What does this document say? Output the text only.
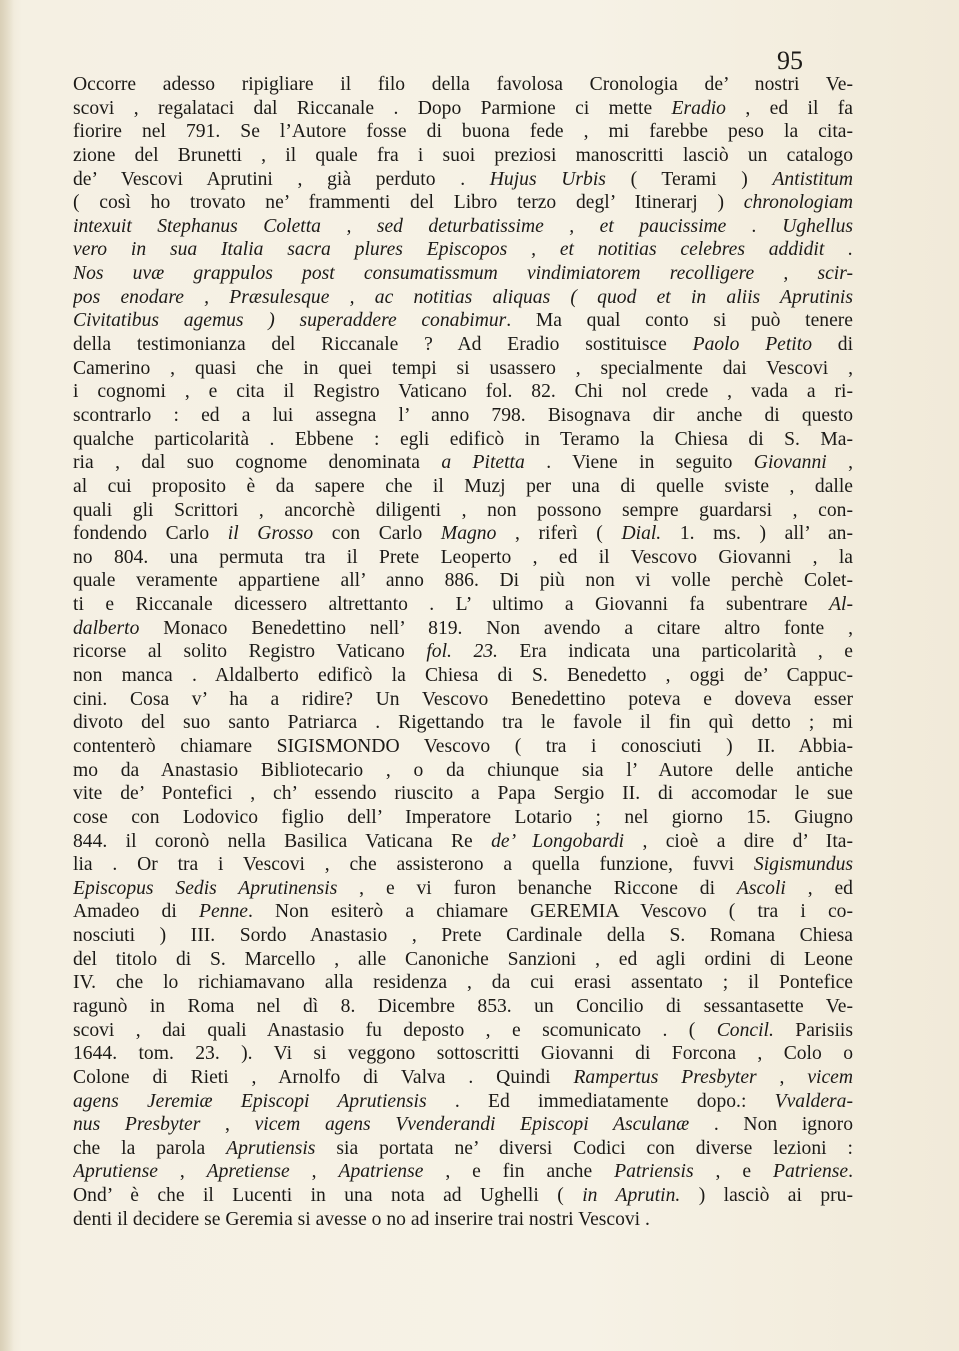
95
Occorre adesso ripigliare il filo della favolosa Cronologia de’ nostri Ve-
scovi , regalataci dal Riccanale . Dopo Parmione ci mette Eradio , ed il fa
fiorire nel 791. Se l’Autore fosse di buona fede , mi farebbe peso la cita-
zione del Brunetti , il quale fra i suoi preziosi manoscritti lasciò un catalogo
de’ Vescovi Aprutini , già perduto . Hujus Urbis ( Terami ) Antistitum
( così ho trovato ne’ frammenti del Libro terzo degl’ Itinerarj ) chronologiam
intexuit Stephanus Coletta , sed deturbatissime , et paucissime . Ughellus
vero in sua Italia sacra plures Episcopos , et notitias celebres addidit .
Nos uvæ grappulos post consumatissmum vindimiatorem recolligere , scir-
pos enodare , Præsulesque , ac notitias aliquas ( quod et in aliis Aprutinis
Civitatibus agemus ) superaddere conabimur. Ma qual conto si può tenere
della testimonianza del Riccanale ? Ad Eradio sostituisce Paolo Petito di
Camerino , quasi che in quei tempi si usassero , specialmente dai Vescovi ,
i cognomi , e cita il Registro Vaticano fol. 82. Chi nol crede , vada a ri-
scontrarlo : ed a lui assegna l’ anno 798. Bisognava dir anche di questo
qualche particolarità . Ebbene : egli edificò in Teramo la Chiesa di S. Ma-
ria , dal suo cognome denominata a Pitetta . Viene in seguito Giovanni ,
al cui proposito è da sapere che il Muzj per una di quelle sviste , dalle
quali gli Scrittori , ancorchè diligenti , non possono sempre guardarsi , con-
fondendo Carlo il Grosso con Carlo Magno , riferì ( Dial. 1. ms. ) all’ an-
no 804. una permuta tra il Prete Leoperto , ed il Vescovo Giovanni , la
quale veramente appartiene all’ anno 886. Di più non vi volle perchè Colet-
ti e Riccanale dicessero altrettanto . L’ ultimo a Giovanni fa subentrare Al-
dalberto Monaco Benedettino nell’ 819. Non avendo a citare altro fonte ,
ricorse al solito Registro Vaticano fol. 23. Era indicata una particolarità , e
non manca . Aldalberto edificò la Chiesa di S. Benedetto , oggi de’ Cappuc-
cini. Cosa v’ ha a ridire? Un Vescovo Benedettino poteva e doveva esser
divoto del suo santo Patriarca . Rigettando tra le favole il fin quì detto ; mi
contenterò chiamare SIGISMONDO Vescovo ( tra i conosciuti ) II. Abbia-
mo da Anastasio Bibliotecario , o da chiunque sia l’ Autore delle antiche
vite de’ Pontefici , ch’ essendo riuscito a Papa Sergio II. di accomodar le sue
cose con Lodovico figlio dell’ Imperatore Lotario ; nel giorno 15. Giugno
844. il coronò nella Basilica Vaticana Re de’ Longobardi , cioè a dire d’ Ita-
lia . Or tra i Vescovi , che assisterono a quella funzione, fuvvi Sigismundus
Episcopus Sedis Aprutinensis , e vi furon benanche Riccone di Ascoli , ed
Amadeo di Penne. Non esiterò a chiamare GEREMIA Vescovo ( tra i co-
nosciuti ) III. Sordo Anastasio , Prete Cardinale della S. Romana Chiesa
del titolo di S. Marcello , alle Canoniche Sanzioni , ed agli ordini di Leone
IV. che lo richiamavano alla residenza , da cui erasi assentato ; il Pontefice
ragunò in Roma nel dì 8. Dicembre 853. un Concilio di sessantasette Ve-
scovi , dai quali Anastasio fu deposto , e scomunicato . ( Concil. Parisiis
1644. tom. 23. ). Vi si veggono sottoscritti Giovanni di Forcona , Colo o
Colone di Rieti , Arnolfo di Valva . Quindi Rampertus Presbyter , vicem
agens Jeremiæ Episcopi Aprutiensis . Ed immediatamente dopo.: Vvaldera-
nus Presbyter , vicem agens Vvenderandi Episcopi Asculanæ . Non ignoro
che la parola Aprutiensis sia portata ne’ diversi Codici con diverse lezioni :
Aprutiense , Apretiense , Apatriense , e fin anche Patriensis , e Patriense.
Ond’ è che il Lucenti in una nota ad Ughelli ( in Aprutin. ) lasciò ai pru-
denti il decidere se Geremia si avesse o no ad inserire trai nostri Vescovi .
